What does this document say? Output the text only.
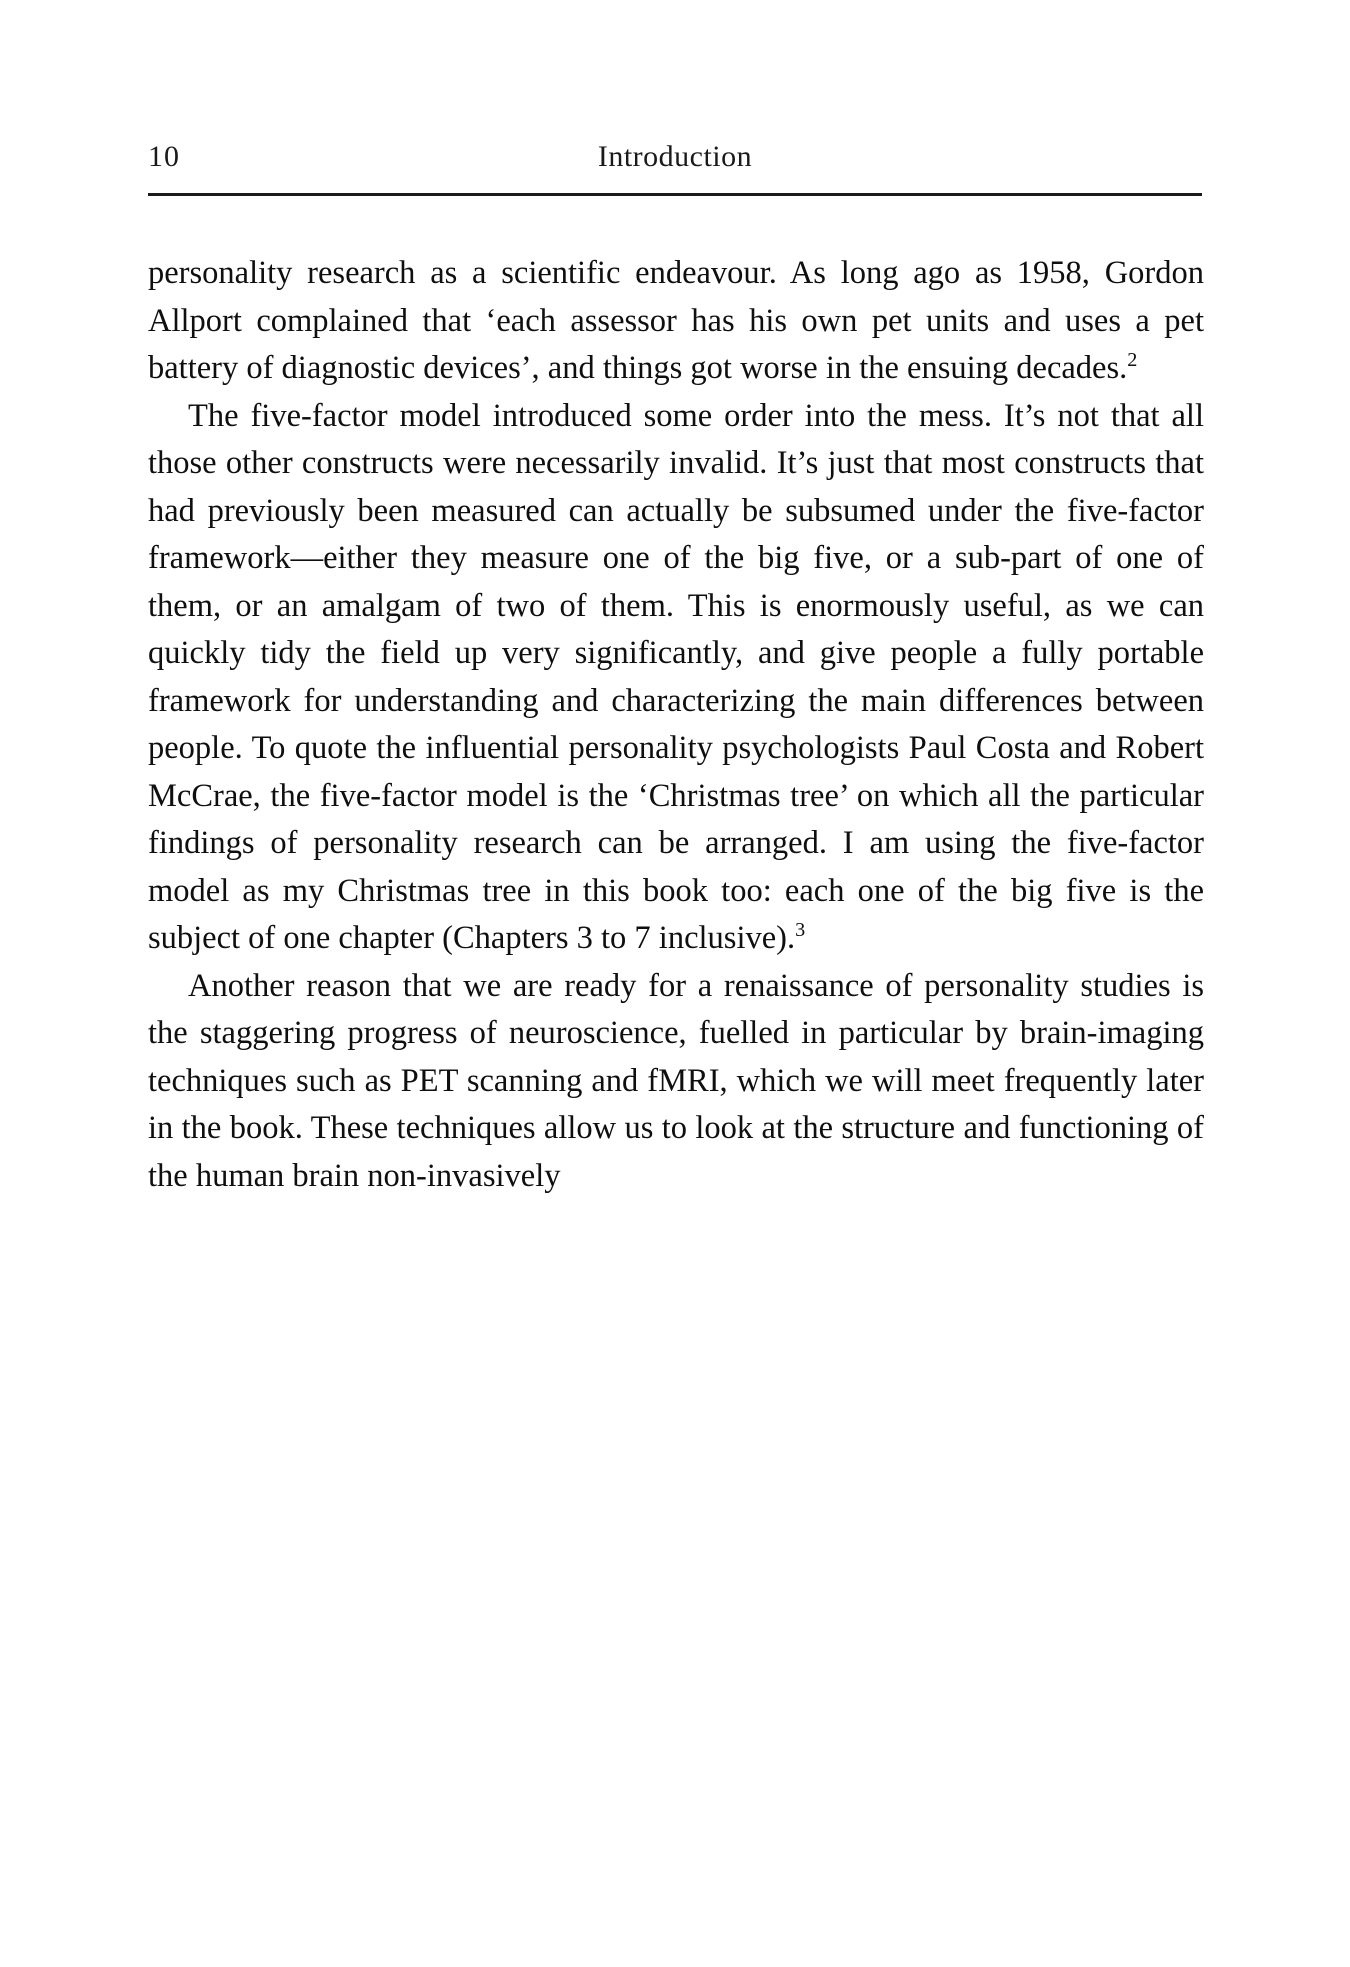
10	Introduction

personality research as a scientific endeavour. As long ago as 1958, Gordon Allport complained that ‘each assessor has his own pet units and uses a pet battery of diagnostic devices’, and things got worse in the ensuing decades.$^2$

The five-factor model introduced some order into the mess. It’s not that all those other constructs were necessarily invalid. It’s just that most constructs that had previously been measured can actually be subsumed under the five-factor framework—either they measure one of the big five, or a sub-part of one of them, or an amalgam of two of them. This is enormously useful, as we can quickly tidy the field up very significantly, and give people a fully portable framework for understanding and characterizing the main differences between people. To quote the influential personality psychologists Paul Costa and Robert McCrae, the five-factor model is the ‘Christmas tree’ on which all the particular findings of personality research can be arranged. I am using the five-factor model as my Christmas tree in this book too: each one of the big five is the subject of one chapter (Chapters 3 to 7 inclusive).$^3$

Another reason that we are ready for a renaissance of personality studies is the staggering progress of neuroscience, fuelled in particular by brain-imaging techniques such as PET scanning and fMRI, which we will meet frequently later in the book. These techniques allow us to look at the structure and functioning of the human brain non-invasively
